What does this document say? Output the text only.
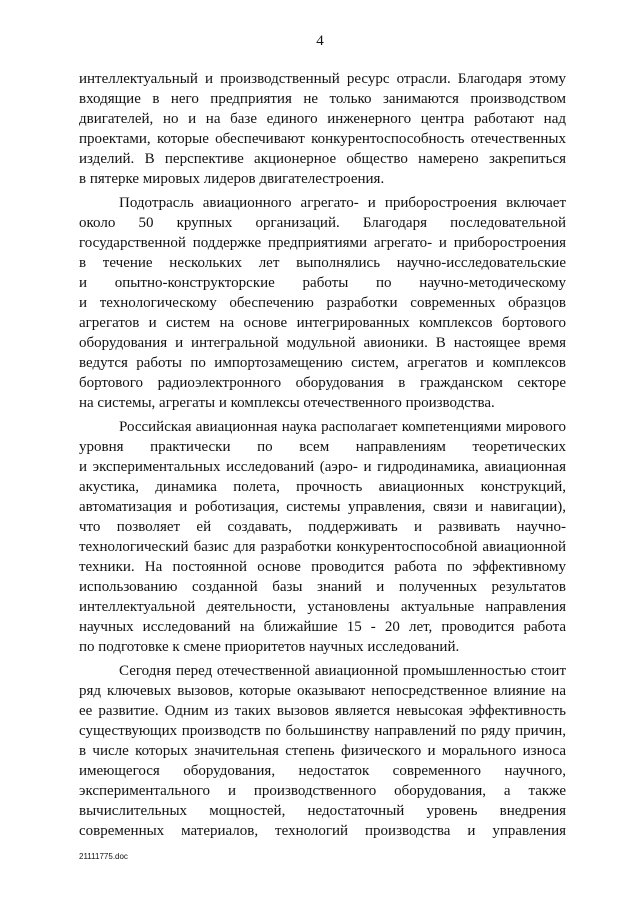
4
интеллектуальный и производственный ресурс отрасли. Благодаря этому
входящие в него предприятия не только занимаются производством
двигателей, но и на базе единого инженерного центра работают над
проектами, которые обеспечивают конкурентоспособность отечественных
изделий. В перспективе акционерное общество намерено закрепиться
в пятерке мировых лидеров двигателестроения.
Подотрасль авиационного агрегато- и приборостроения включает
около 50 крупных организаций. Благодаря последовательной
государственной поддержке предприятиями агрегато- и приборостроения
в течение нескольких лет выполнялись научно-исследовательские
и опытно-конструкторские работы по научно-методическому
и технологическому обеспечению разработки современных образцов
агрегатов и систем на основе интегрированных комплексов бортового
оборудования и интегральной модульной авионики. В настоящее время
ведутся работы по импортозамещению систем, агрегатов и комплексов
бортового радиоэлектронного оборудования в гражданском секторе
на системы, агрегаты и комплексы отечественного производства.
Российская авиационная наука располагает компетенциями мирового
уровня практически по всем направлениям теоретических
и экспериментальных исследований (аэро- и гидродинамика, авиационная
акустика, динамика полета, прочность авиационных конструкций,
автоматизация и роботизация, системы управления, связи и навигации),
что позволяет ей создавать, поддерживать и развивать научно-
технологический базис для разработки конкурентоспособной авиационной
техники. На постоянной основе проводится работа по эффективному
использованию созданной базы знаний и полученных результатов
интеллектуальной деятельности, установлены актуальные направления
научных исследований на ближайшие 15 - 20 лет, проводится работа
по подготовке к смене приоритетов научных исследований.
Сегодня перед отечественной авиационной промышленностью стоит
ряд ключевых вызовов, которые оказывают непосредственное влияние на
ее развитие. Одним из таких вызовов является невысокая эффективность
существующих производств по большинству направлений по ряду причин,
в числе которых значительная степень физического и морального износа
имеющегося оборудования, недостаток современного научного,
экспериментального и производственного оборудования, а также
вычислительных мощностей, недостаточный уровень внедрения
современных материалов, технологий производства и управления
21111775.doc
